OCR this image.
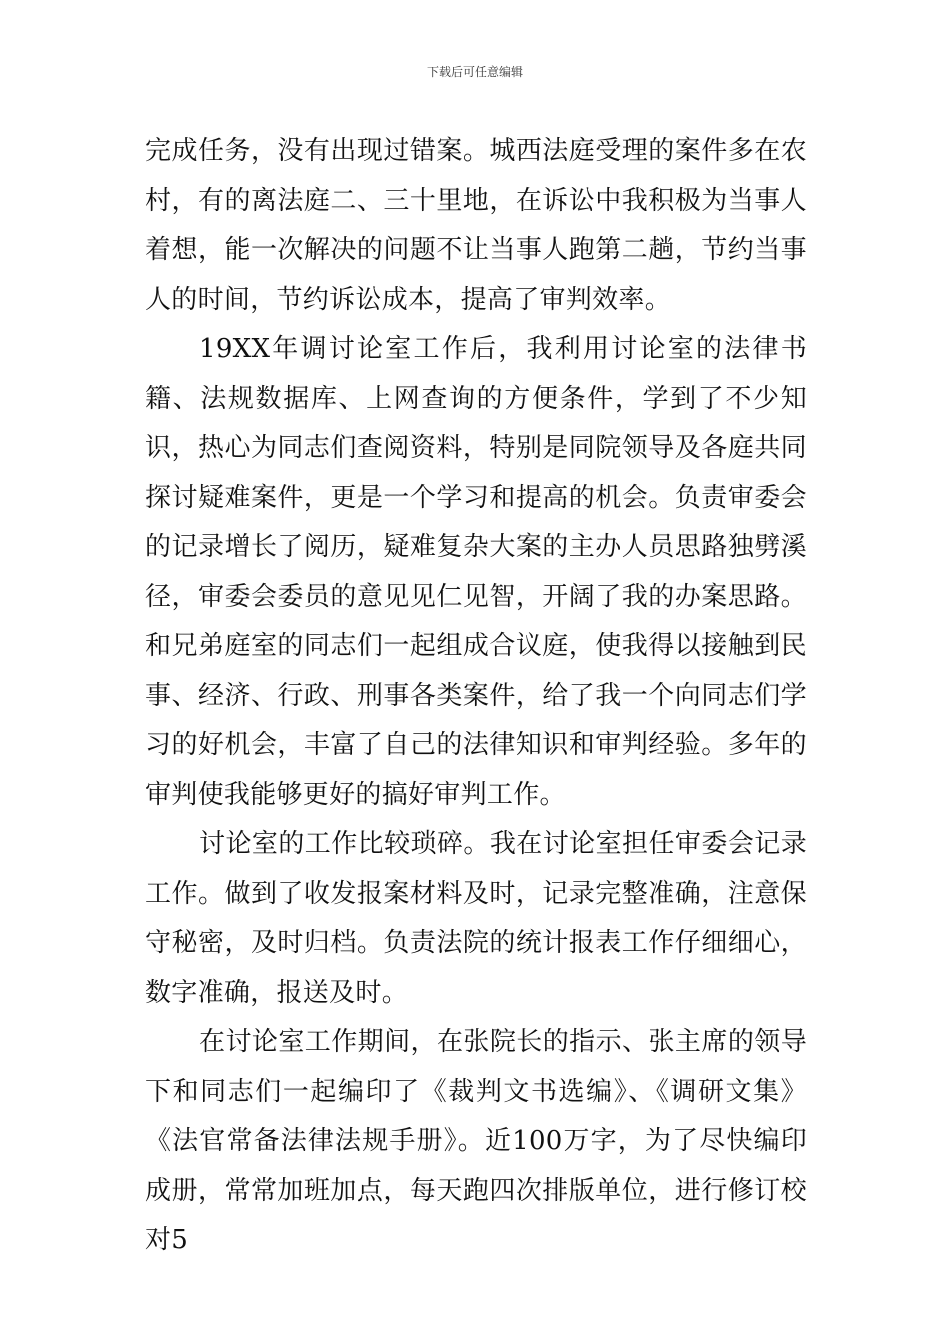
下载后可任意编辑

完成任务，没有出现过错案。城西法庭受理的案件多在农村，有的离法庭二、三十里地，在诉讼中我积极为当事人着想，能一次解决的问题不让当事人跑第二趟，节约当事人的时间，节约诉讼成本，提高了审判效率。

19XX年调讨论室工作后，我利用讨论室的法律书籍、法规数据库、上网查询的方便条件，学到了不少知识，热心为同志们查阅资料，特别是同院领导及各庭共同探讨疑难案件，更是一个学习和提高的机会。负责审委会的记录增长了阅历，疑难复杂大案的主办人员思路独劈溪径，审委会委员的意见见仁见智，开阔了我的办案思路。和兄弟庭室的同志们一起组成合议庭，使我得以接触到民事、经济、行政、刑事各类案件，给了我一个向同志们学习的好机会，丰富了自己的法律知识和审判经验。多年的审判使我能够更好的搞好审判工作。

讨论室的工作比较琐碎。我在讨论室担任审委会记录工作。做到了收发报案材料及时，记录完整准确，注意保守秘密，及时归档。负责法院的统计报表工作仔细细心，数字准确，报送及时。

在讨论室工作期间，在张院长的指示、张主席的领导下和同志们一起编印了《裁判文书选编》、《调研文集》《法官常备法律法规手册》。近100万字，为了尽快编印成册，常常加班加点，每天跑四次排版单位，进行修订校对5
